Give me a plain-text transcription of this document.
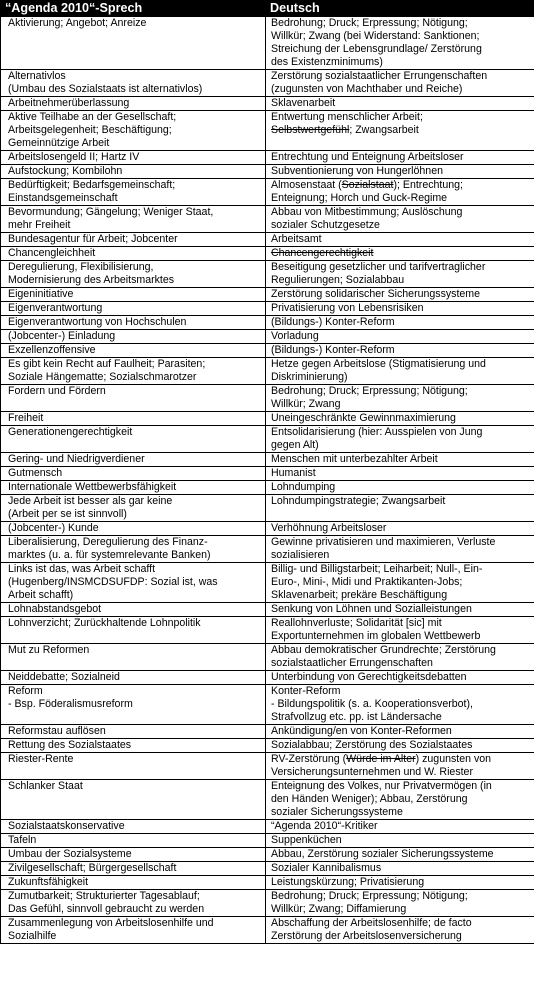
“Agenda 2010“-Sprech	Deutsch
Aktivierung; Angebot; Anreize	Bedrohung; Druck; Erpressung; Nötigung;
Willkür; Zwang (bei Widerstand: Sanktionen;
Streichung der Lebensgrundlage/ Zerstörung
des Existenzminimums)
Alternativlos
(Umbau des Sozialstaats ist alternativlos)	Zerstörung sozialstaatlicher Errungenschaften
(zugunsten von Machthaber und Reiche)
Arbeitnehmerüberlassung	Sklavenarbeit
Aktive Teilhabe an der Gesellschaft;
Arbeitsgelegenheit; Beschäftigung;
Gemeinnützige Arbeit	Entwertung menschlicher Arbeit;
Selbstwertgefühl; Zwangsarbeit
Arbeitslosengeld II; Hartz IV	Entrechtung und Enteignung Arbeitsloser
Aufstockung; Kombilohn	Subventionierung von Hungerlöhnen
Bedürftigkeit; Bedarfsgemeinschaft;
Einstandsgemeinschaft	Almosenstaat (Sozialstaat); Entrechtung;
Enteignung; Horch und Guck-Regime
Bevormundung; Gängelung; Weniger Staat,
mehr Freiheit	Abbau von Mitbestimmung; Auslöschung
sozialer Schutzgesetze
Bundesagentur für Arbeit; Jobcenter	Arbeitsamt
Chancengleichheit	Chancengerechtigkeit
Deregulierung, Flexibilisierung,
Modernisierung des Arbeitsmarktes	Beseitigung gesetzlicher und tarifvertraglicher
Regulierungen; Sozialabbau
Eigeninitiative	Zerstörung solidarischer Sicherungssysteme
Eigenverantwortung	Privatisierung von Lebensrisiken
Eigenverantwortung von Hochschulen	(Bildungs-) Konter-Reform
(Jobcenter-) Einladung	Vorladung
Exzellenzoffensive	(Bildungs-) Konter-Reform
Es gibt kein Recht auf Faulheit; Parasiten;
Soziale Hängematte; Sozialschmarotzer	Hetze gegen Arbeitslose (Stigmatisierung und
Diskriminierung)
Fordern und Fördern	Bedrohung; Druck; Erpressung; Nötigung;
Willkür; Zwang
Freiheit	Uneingeschränkte Gewinnmaximierung
Generationengerechtigkeit	Entsolidarisierung (hier: Ausspielen von Jung
gegen Alt)
Gering- und Niedrigverdiener	Menschen mit unterbezahlter Arbeit
Gutmensch	Humanist
Internationale Wettbewerbsfähigkeit	Lohndumping
Jede Arbeit ist besser als gar keine
(Arbeit per se ist sinnvoll)	Lohndumpingstrategie; Zwangsarbeit
(Jobcenter-) Kunde	Verhöhnung Arbeitsloser
Liberalisierung, Deregulierung des Finanz-
marktes (u. a. für systemrelevante Banken)	Gewinne privatisieren und maximieren, Verluste
sozialisieren
Links ist das, was Arbeit schafft
(Hugenberg/INSMCDSUFDP: Sozial ist, was
Arbeit schafft)	Billig- und Billigstarbeit; Leiharbeit; Null-, Ein-
Euro-, Mini-, Midi und Praktikanten-Jobs;
Sklavenarbeit; prekäre Beschäftigung
Lohnabstandsgebot	Senkung von Löhnen und Sozialleistungen
Lohnverzicht; Zurückhaltende Lohnpolitik	Reallohnverluste; Solidarität [sic] mit
Exportunternehmen im globalen Wettbewerb
Mut zu Reformen	Abbau demokratischer Grundrechte; Zerstörung
sozialstaatlicher Errungenschaften
Neiddebatte; Sozialneid	Unterbindung von Gerechtigkeitsdebatten
Reform
- Bsp. Föderalismusreform	Konter-Reform
- Bildungspolitik (s. a. Kooperationsverbot),
Strafvollzug etc. pp. ist Ländersache
Reformstau auflösen	Ankündigung/en von Konter-Reformen
Rettung des Sozialstaates	Sozialabbau; Zerstörung des Sozialstaates
Riester-Rente	RV-Zerstörung (Würde im Alter) zugunsten von
Versicherungsunternehmen und W. Riester
Schlanker Staat	Enteignung des Volkes, nur Privatvermögen (in
den Händen Weniger); Abbau, Zerstörung
sozialer Sicherungssysteme
Sozialstaatskonservative	“Agenda 2010“-Kritiker
Tafeln	Suppenküchen
Umbau der Sozialsysteme	Abbau, Zerstörung sozialer Sicherungssysteme
Zivilgesellschaft; Bürgergesellschaft	Sozialer Kannibalismus
Zukunftsfähigkeit	Leistungskürzung; Privatisierung
Zumutbarkeit; Strukturierter Tagesablauf;
Das Gefühl, sinnvoll gebraucht zu werden	Bedrohung; Druck; Erpressung; Nötigung;
Willkür; Zwang; Diffamierung
Zusammenlegung von Arbeitslosenhilfe und
Sozialhilfe	Abschaffung der Arbeitslosenhilfe; de facto
Zerstörung der Arbeitslosenversicherung
